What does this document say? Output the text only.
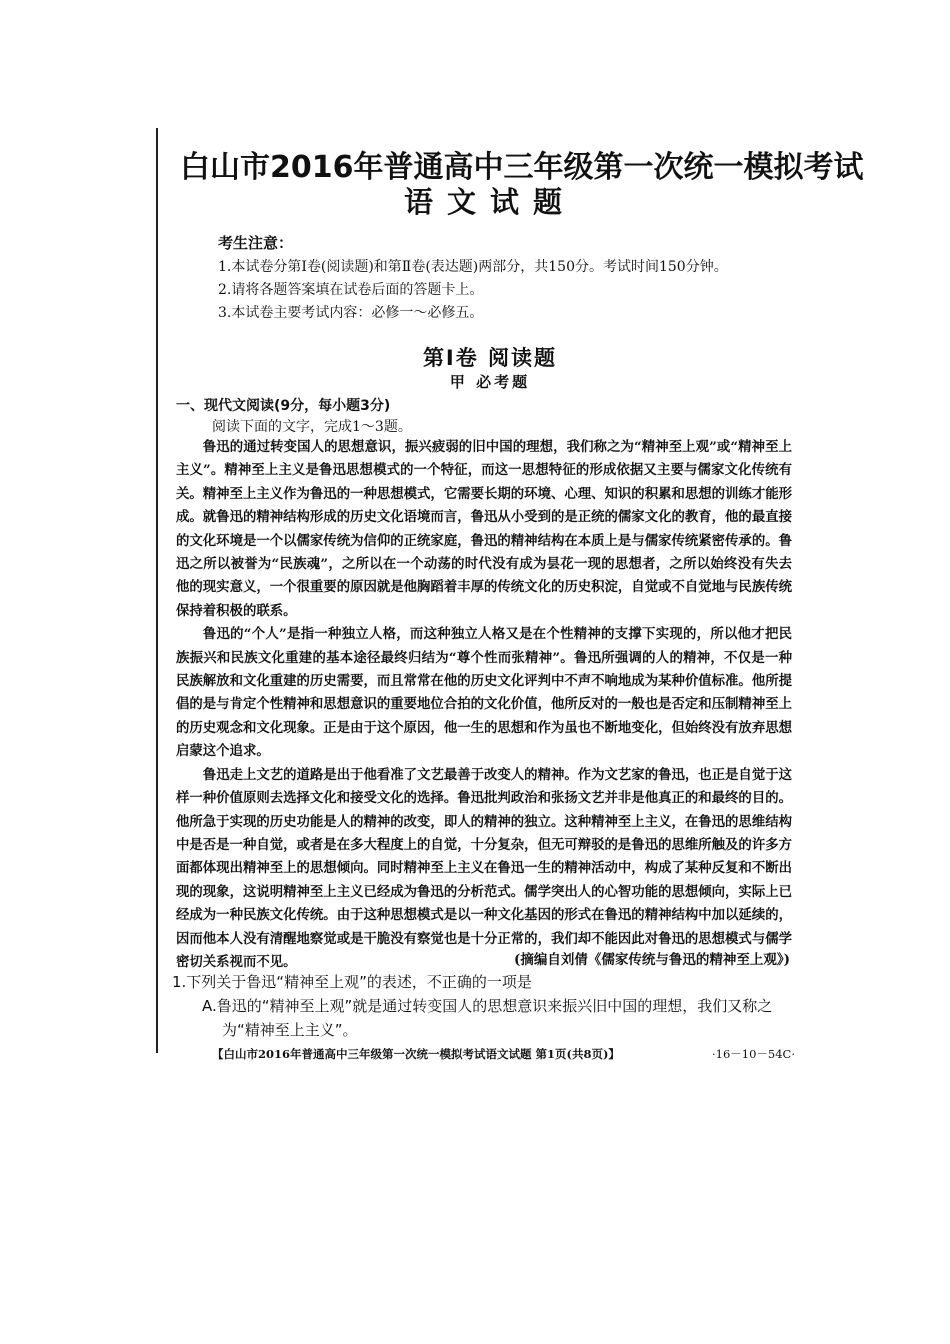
白山市2016年普通高中三年级第一次统一模拟考试
语文试题
考生注意：
1.本试卷分第Ⅰ卷(阅读题)和第Ⅱ卷(表达题)两部分，共150分。考试时间150分钟。
2.请将各题答案填在试卷后面的答题卡上。
3.本试卷主要考试内容：必修一～必修五。
第Ⅰ卷 阅读题
甲 必考题
一、现代文阅读(9分，每小题3分)
阅读下面的文字，完成1～3题。

鲁迅的通过转变国人的思想意识，振兴疲弱的旧中国的理想，我们称之为“精神至上观”或“精神至上主义”。精神至上主义是鲁迅思想模式的一个特征，而这一思想特征的形成依据又主要与儒家文化传统有关。精神至上主义作为鲁迅的一种思想模式，它需要长期的环境、心理、知识的积累和思想的训练才能形成。就鲁迅的精神结构形成的历史文化语境而言，鲁迅从小受到的是正统的儒家文化的教育，他的最直接的文化环境是一个以儒家传统为信仰的正统家庭，鲁迅的精神结构在本质上是与儒家传统紧密传承的。鲁迅之所以被誉为“民族魂”，之所以在一个动荡的时代没有成为昙花一现的思想者，之所以始终没有失去他的现实意义，一个很重要的原因就是他胸蹈着丰厚的传统文化的历史积淀，自觉或不自觉地与民族传统保持着积极的联系。

鲁迅的“个人”是指一种独立人格，而这种独立人格又是在个性精神的支撑下实现的，所以他才把民族振兴和民族文化重建的基本途径最终归结为“尊个性而张精神”。鲁迅所强调的人的精神，不仅是一种民族解放和文化重建的历史需要，而且常常在他的历史文化评判中不声不响地成为某种价值标准。他所提倡的是与肯定个性精神和思想意识的重要地位合拍的文化价值，他所反对的一般也是否定和压制精神至上的历史观念和文化现象。正是由于这个原因，他一生的思想和作为虽也不断地变化，但始终没有放弃思想启蒙这个追求。

鲁迅走上文艺的道路是出于他看准了文艺最善于改变人的精神。作为文艺家的鲁迅，也正是自觉于这样一种价值原则去选择文化和接受文化的选择。鲁迅批判政治和张扬文艺并非是他真正的和最终的目的。他所急于实现的历史功能是人的精神的改变，即人的精神的独立。这种精神至上主义，在鲁迅的思维结构中是否是一种自觉，或者是在多大程度上的自觉，十分复杂，但无可辩驳的是鲁迅的思维所触及的许多方面都体现出精神至上的思想倾向。同时精神至上主义在鲁迅一生的精神活动中，构成了某种反复和不断出现的现象，这说明精神至上主义已经成为鲁迅的分析范式。儒学突出人的心智功能的思想倾向，实际上已经成为一种民族文化传统。由于这种思想模式是以一种文化基因的形式在鲁迅的精神结构中加以延续的，因而他本人没有清醒地察觉或是干脆没有察觉也是十分正常的，我们却不能因此对鲁迅的思想模式与儒学密切关系视而不见。	(摘编自刘倩《儒家传统与鲁迅的精神至上观》)
1.下列关于鲁迅“精神至上观”的表述，不正确的一项是
A.鲁迅的“精神至上观”就是通过转变国人的思想意识来振兴旧中国的理想，我们又称之
为“精神至上主义”。
【白山市2016年普通高中三年级第一次统一模拟考试语文试题 第1页(共8页)】	·16－10－54C·
